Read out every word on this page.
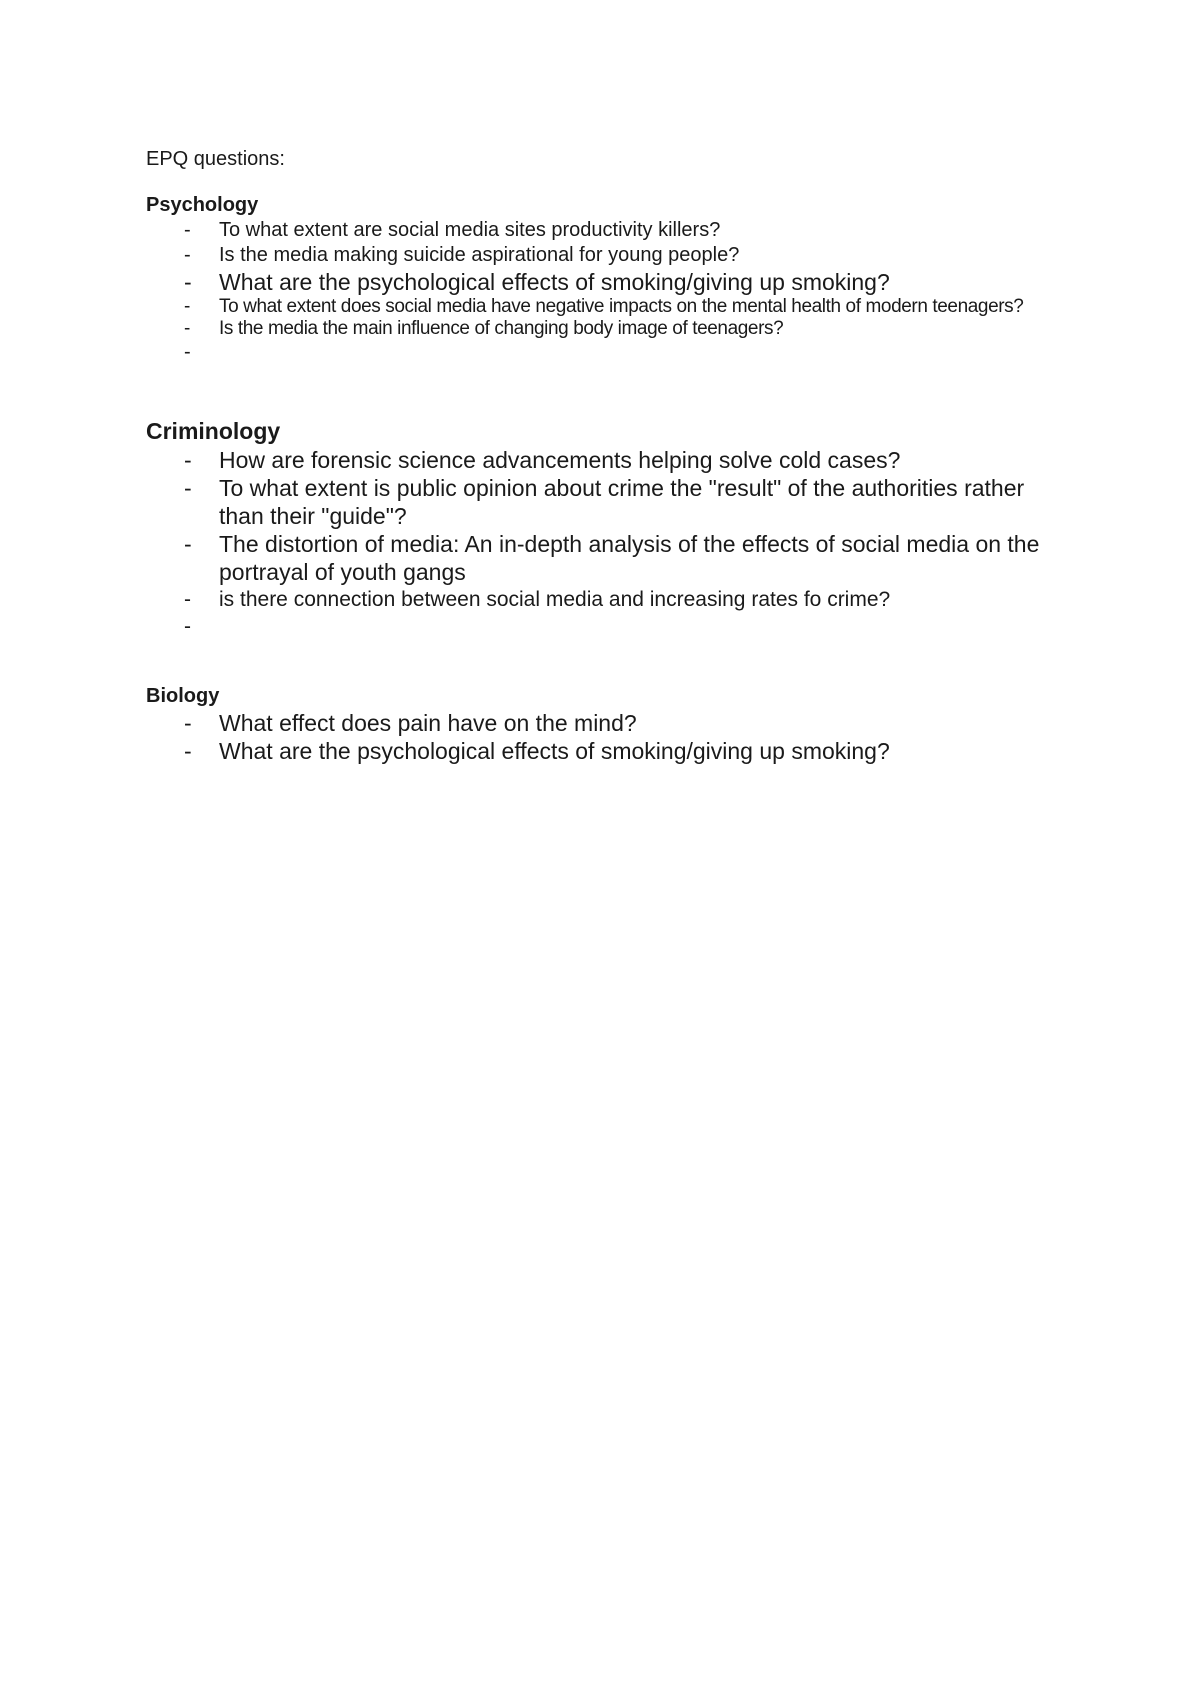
EPQ questions:

Psychology

- To what extent are social media sites productivity killers?
- Is the media making suicide aspirational for young people?
- What are the psychological effects of smoking/giving up smoking?
- To what extent does social media have negative impacts on the mental health of modern teenagers?
- Is the media the main influence of changing body image of teenagers?
-

Criminology

- How are forensic science advancements helping solve cold cases?
- To what extent is public opinion about crime the "result" of the authorities rather than their "guide"?
- The distortion of media: An in-depth analysis of the effects of social media on the portrayal of youth gangs
- is there connection between social media and increasing rates fo crime?
-

Biology

- What effect does pain have on the mind?
- What are the psychological effects of smoking/giving up smoking?
